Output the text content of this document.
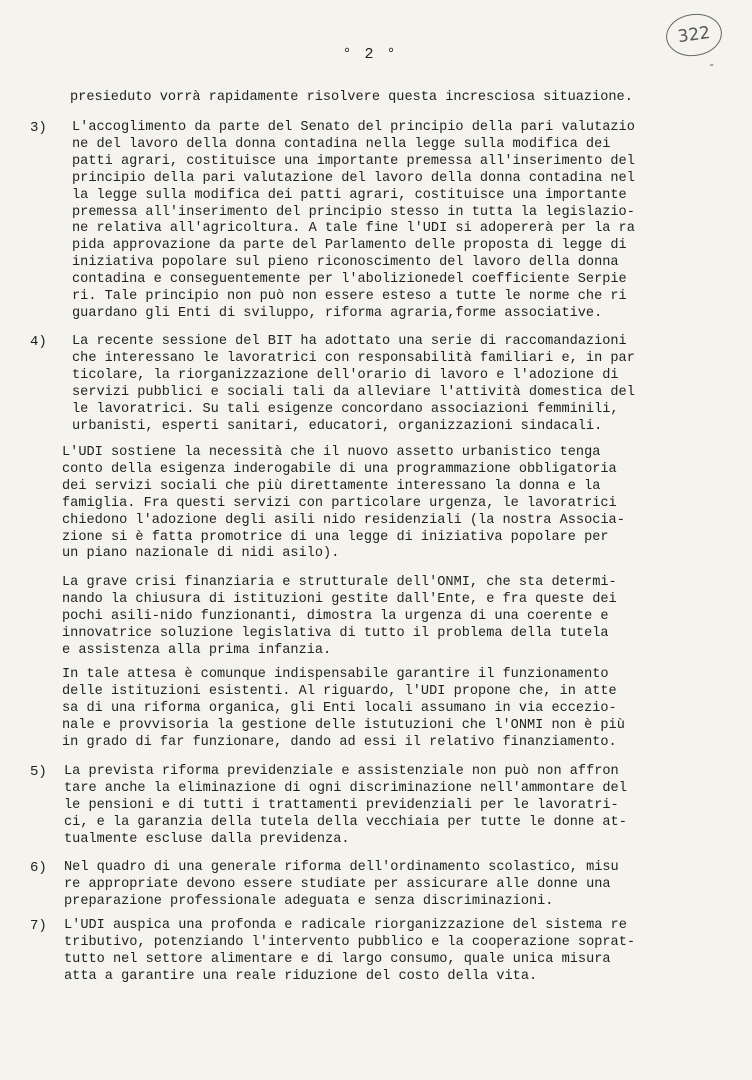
322
-
° 2 °
presieduto vorrà rapidamente risolvere questa incresciosa situazione.
3) L'accoglimento da parte del Senato del principio della pari valutazio
ne del lavoro della donna contadina nella legge sulla modifica dei
patti agrari, costituisce una importante premessa all'inserimento del
principio della pari valutazione del lavoro della donna contadina nel
la legge sulla modifica dei patti agrari, costituisce una importante
premessa all'inserimento del principio stesso in tutta la legislazio-
ne relativa all'agricoltura. A tale fine l'UDI si adopererà per la ra
pida approvazione da parte del Parlamento delle proposta di legge di
iniziativa popolare sul pieno riconoscimento del lavoro della donna
contadina e conseguentemente per l'abolizionedel coefficiente Serpie
ri. Tale principio non può non essere esteso a tutte le norme che ri
guardano gli Enti di sviluppo, riforma agraria,forme associative.
4) La recente sessione del BIT ha adottato una serie di raccomandazioni
che interessano le lavoratrici con responsabilità familiari e, in par
ticolare, la riorganizzazione dell'orario di lavoro e l'adozione di
servizi pubblici e sociali tali da alleviare l'attività domestica del
le lavoratrici. Su tali esigenze concordano associazioni femminili,
urbanisti, esperti sanitari, educatori, organizzazioni sindacali.
L'UDI sostiene la necessità che il nuovo assetto urbanistico tenga
conto della esigenza inderogabile di una programmazione obbligatoria
dei servizi sociali che più direttamente interessano la donna e la
famiglia. Fra questi servizi con particolare urgenza, le lavoratrici
chiedono l'adozione degli asili nido residenziali (la nostra Associa-
zione si è fatta promotrice di una legge di iniziativa popolare per
un piano nazionale di nidi asilo).
La grave crisi finanziaria e strutturale dell'ONMI, che sta determi-
nando la chiusura di istituzioni gestite dall'Ente, e fra queste dei
pochi asili-nido funzionanti, dimostra la urgenza di una coerente e
innovatrice soluzione legislativa di tutto il problema della tutela
e assistenza alla prima infanzia.
In tale attesa è comunque indispensabile garantire il funzionamento
delle istituzioni esistenti. Al riguardo, l'UDI propone che, in atte
sa di una riforma organica, gli Enti locali assumano in via eccezio-
nale e provvisoria la gestione delle istutuzioni che l'ONMI non è più
in grado di far funzionare, dando ad essi il relativo finanziamento.
5) La prevista riforma previdenziale e assistenziale non può non affron
tare anche la eliminazione di ogni discriminazione nell'ammontare del
le pensioni e di tutti i trattamenti previdenziali per le lavoratri-
ci, e la garanzia della tutela della vecchiaia per tutte le donne at-
tualmente escluse dalla previdenza.
6) Nel quadro di una generale riforma dell'ordinamento scolastico, misu
re appropriate devono essere studiate per assicurare alle donne una
preparazione professionale adeguata e senza discriminazioni.
7) L'UDI auspica una profonda e radicale riorganizzazione del sistema re
tributivo, potenziando l'intervento pubblico e la cooperazione soprat-
tutto nel settore alimentare e di largo consumo, quale unica misura
atta a garantire una reale riduzione del costo della vita.
